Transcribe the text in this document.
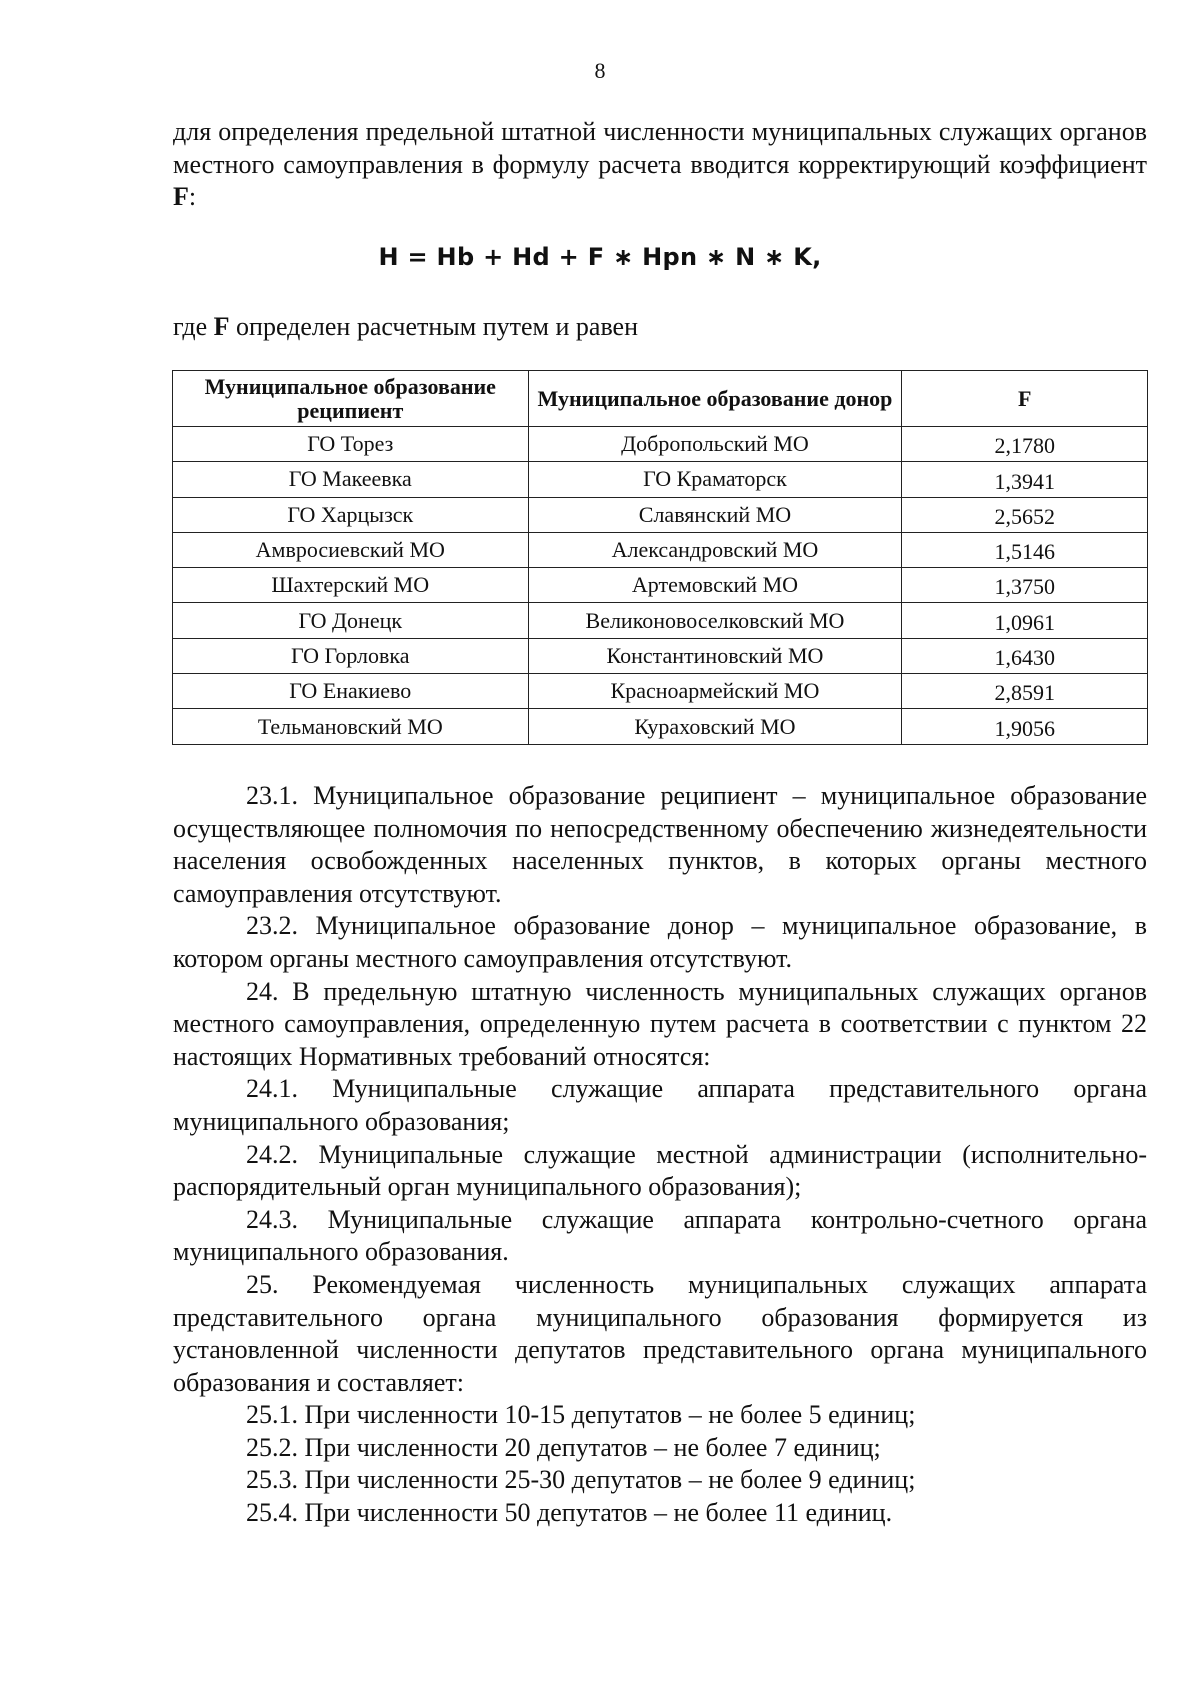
8
для определения предельной штатной численности муниципальных служащих органов местного самоуправления в формулу расчета вводится корректирующий коэффициент F:
H = Hb + Hd + F ∗ Hpn ∗ N ∗ K,
где F определен расчетным путем и равен
Муниципальное образование реципиент	Муниципальное образование донор	F
ГО Торез	Добропольский МО	2,1780
ГО Макеевка	ГО Краматорск	1,3941
ГО Харцызск	Славянский МО	2,5652
Амвросиевский МО	Александровский МО	1,5146
Шахтерский МО	Артемовский МО	1,3750
ГО Донецк	Великоновоселковский МО	1,0961
ГО Горловка	Константиновский МО	1,6430
ГО Енакиево	Красноармейский МО	2,8591
Тельмановский МО	Кураховский МО	1,9056

23.1. Муниципальное образование реципиент – муниципальное образование осуществляющее полномочия по непосредственному обеспечению жизнедеятельности населения освобожденных населенных пунктов, в которых органы местного самоуправления отсутствуют.

23.2. Муниципальное образование донор – муниципальное образование, в котором органы местного самоуправления отсутствуют.

24. В предельную штатную численность муниципальных служащих органов местного самоуправления, определенную путем расчета в соответствии с пунктом 22 настоящих Нормативных требований относятся:

24.1. Муниципальные служащие аппарата представительного органа муниципального образования;

24.2. Муниципальные служащие местной администрации (исполнительно-распорядительный орган муниципального образования);

24.3. Муниципальные служащие аппарата контрольно-счетного органа муниципального образования.

25. Рекомендуемая численность муниципальных служащих аппарата представительного органа муниципального образования формируется из установленной численности депутатов представительного органа муниципального образования и составляет:

25.1. При численности 10-15 депутатов – не более 5 единиц;

25.2. При численности 20 депутатов – не более 7 единиц;

25.3. При численности 25-30 депутатов – не более 9 единиц;

25.4. При численности 50 депутатов – не более 11 единиц.
